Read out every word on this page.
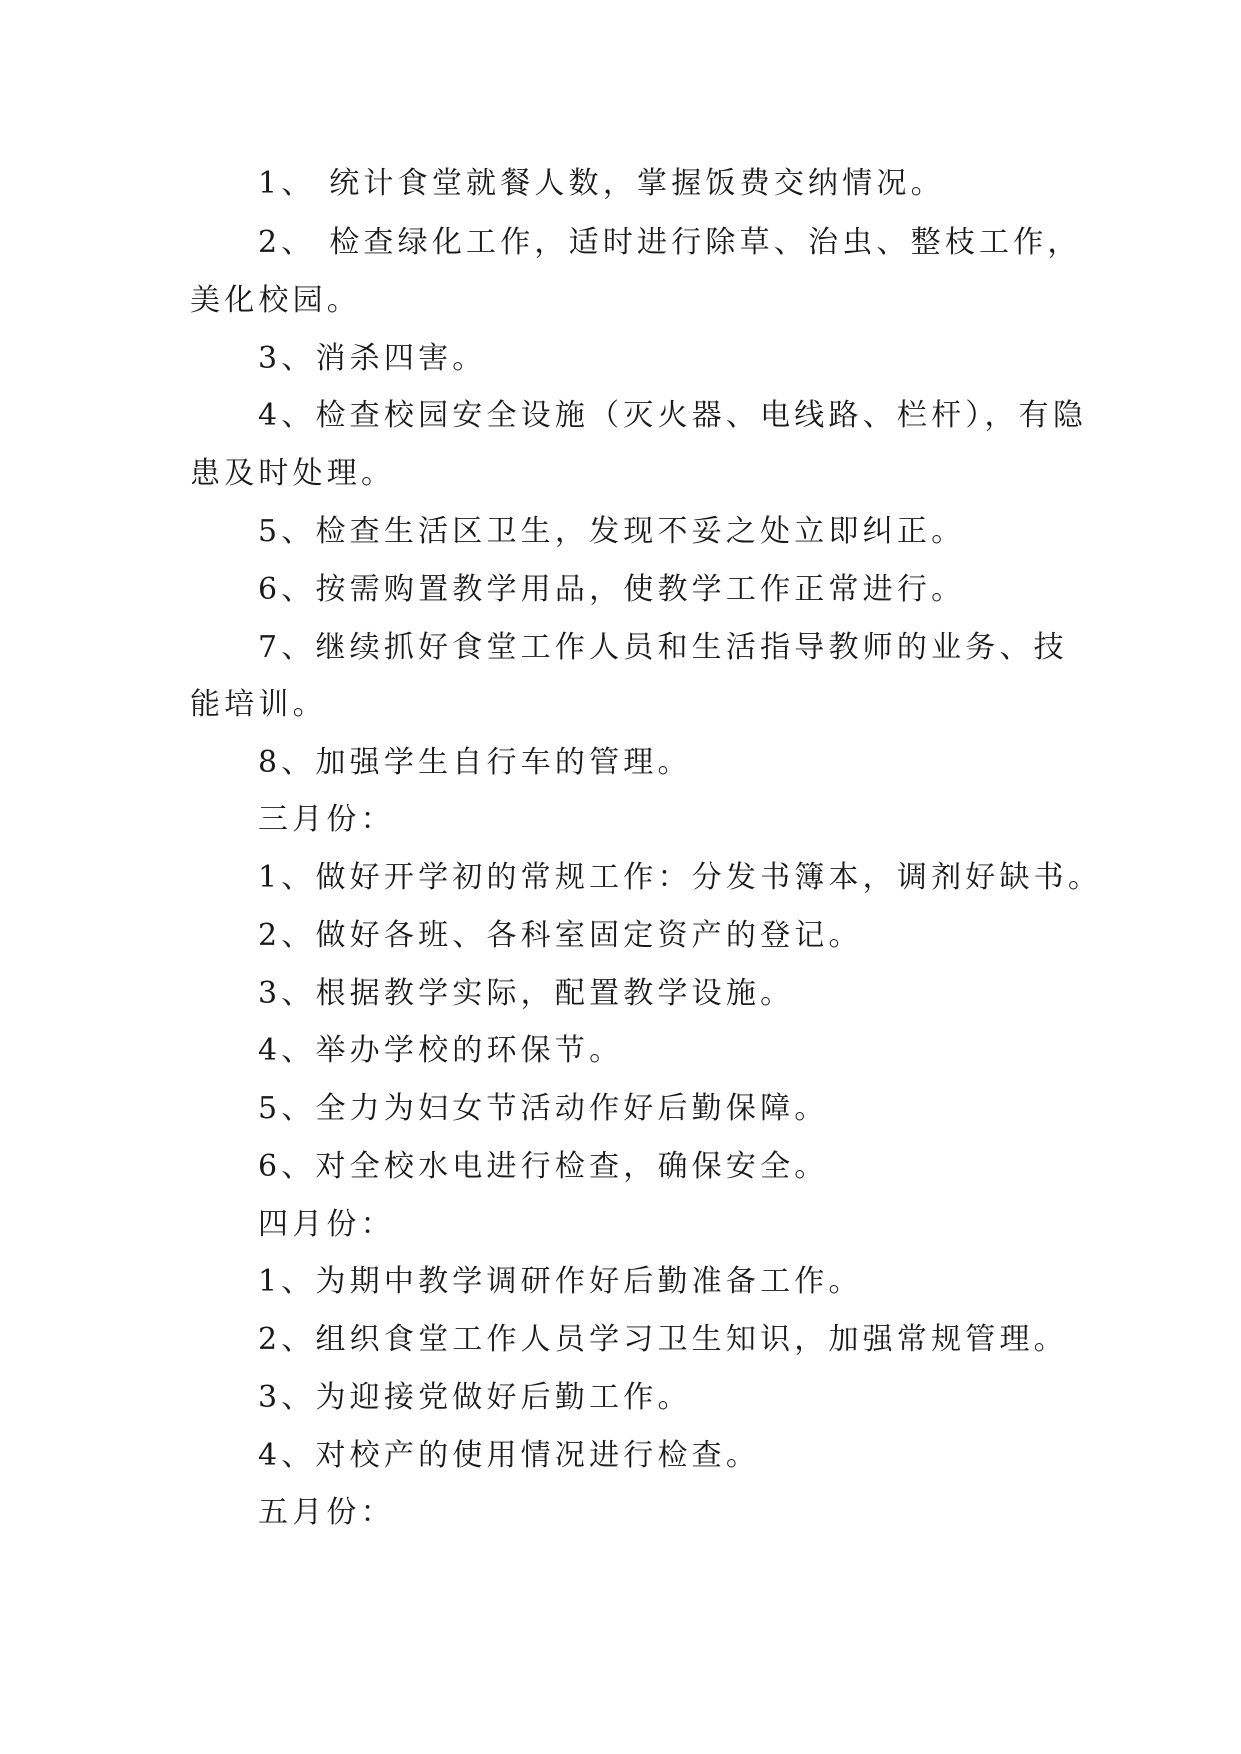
1、 统计食堂就餐人数，掌握饭费交纳情况。
2、 检查绿化工作，适时进行除草、治虫、整枝工作，
美化校园。
3、消杀四害。
4、检查校园安全设施（灭火器、电线路、栏杆），有隐
患及时处理。
5、检查生活区卫生，发现不妥之处立即纠正。
6、按需购置教学用品，使教学工作正常进行。
7、继续抓好食堂工作人员和生活指导教师的业务、技
能培训。
8、加强学生自行车的管理。
三月份：
1、做好开学初的常规工作：分发书簿本，调剂好缺书。
2、做好各班、各科室固定资产的登记。
3、根据教学实际，配置教学设施。
4、举办学校的环保节。
5、全力为妇女节活动作好后勤保障。
6、对全校水电进行检查，确保安全。
四月份：
1、为期中教学调研作好后勤准备工作。
2、组织食堂工作人员学习卫生知识，加强常规管理。
3、为迎接党做好后勤工作。
4、对校产的使用情况进行检查。
五月份：
